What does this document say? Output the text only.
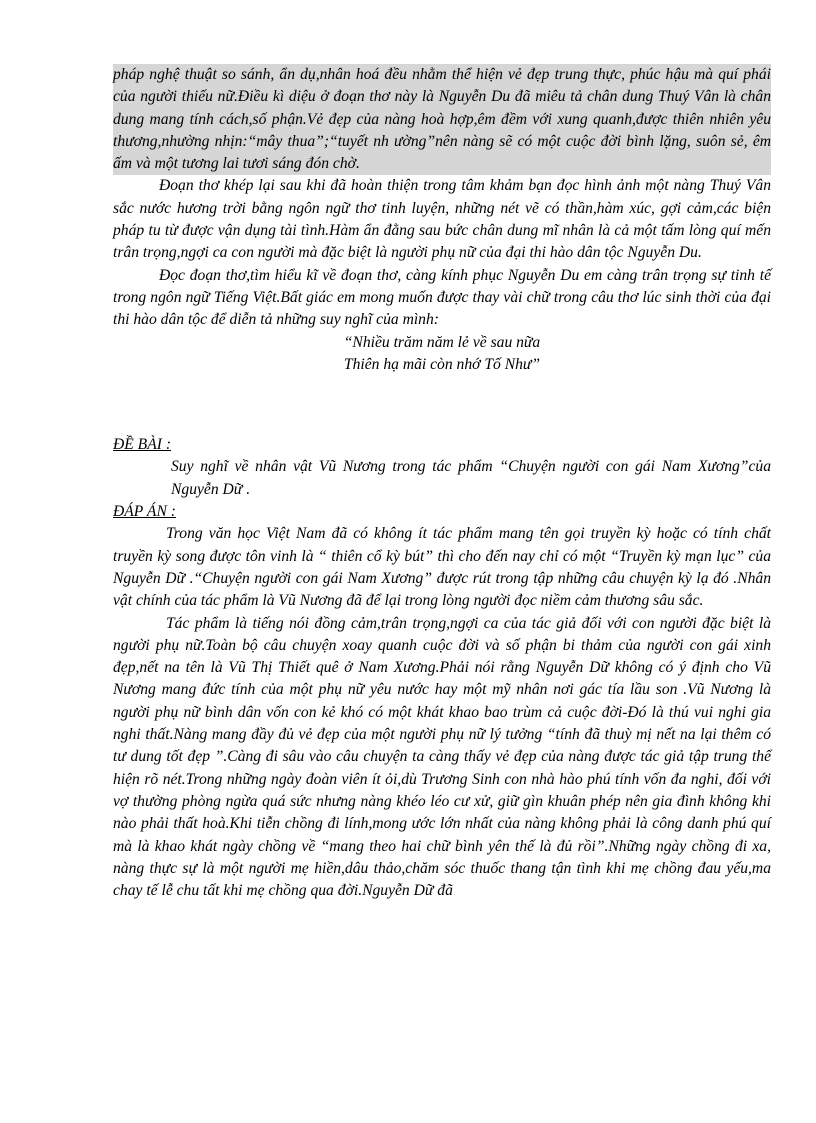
pháp nghệ thuật so sánh, ẩn dụ,nhân hoá đều nhằm thể hiện vẻ đẹp trung thực, phúc hậu mà quí phái của người thiếu nữ.Điều kì diệu ở đoạn thơ này là Nguyễn Du đã miêu tả chân dung Thuý Vân là chân dung mang tính cách,số phận.Vẻ đẹp của nàng hoà hợp,êm đềm với xung quanh,được thiên nhiên yêu thương,nhường nhịn:“mây thua”;“tuyết nh ường”nên nàng sẽ có một cuộc đời bình lặng, suôn sẻ, êm ấm và một tương lai tươi sáng đón chờ.

Đoạn thơ khép lại sau khi đã hoàn thiện trong tâm khảm bạn đọc hình ảnh một nàng Thuý Vân sắc nước hương trời bằng ngôn ngữ thơ tinh luyện, những nét vẽ có thần,hàm xúc, gợi cảm,các biện pháp tu từ được vận dụng tài tình.Hàm ẩn đằng sau bức chân dung mĩ nhân là cả một tấm lòng quí mến trân trọng,ngợi ca con người mà đặc biệt là người phụ nữ của đại thi hào dân tộc Nguyễn Du.

Đọc đoạn thơ,tìm hiểu kĩ về đoạn thơ, càng kính phục Nguyễn Du em càng trân trọng sự tinh tế trong ngôn ngữ Tiếng Việt.Bất giác em mong muốn được thay vài chữ trong câu thơ lúc sinh thời của đại thi hào dân tộc để diễn tả những suy nghĩ của mình:

“Nhiều trăm năm lẻ về sau nữa

Thiên hạ mãi còn nhớ Tố Như”

ĐỀ BÀI :

Suy nghĩ về nhân vật Vũ Nương trong tác phẩm “Chuyện người con gái Nam Xương”của Nguyễn Dữ .

ĐÁP ÁN :

Trong văn học Việt Nam đã có không ít tác phẩm mang tên gọi truyền kỳ hoặc có tính chất truyền kỳ song được tôn vinh là “ thiên cổ kỳ bút” thì cho đến nay chỉ có một “Truyền kỳ mạn lục” của Nguyễn Dữ .“Chuyện người con gái Nam Xương” được rút trong tập những câu chuyện kỳ lạ đó .Nhân vật chính của tác phẩm là Vũ Nương đã để lại trong lòng người đọc niềm cảm thương sâu sắc.

Tác phẩm là tiếng nói đồng cảm,trân trọng,ngợi ca của tác giả đối với con người đặc biệt là người phụ nữ.Toàn bộ câu chuyện xoay quanh cuộc đời và số phận bi thảm của người con gái xinh đẹp,nết na tên là Vũ Thị Thiết quê ở Nam Xương.Phải nói rằng Nguyễn Dữ không có ý định cho Vũ Nương mang đức tính của một phụ nữ yêu nước hay một mỹ nhân nơi gác tía lầu son .Vũ Nương là người phụ nữ bình dân vốn con kẻ khó có một khát khao bao trùm cả cuộc đời-Đó là thú vui nghi gia nghi thất.Nàng mang đầy đủ vẻ đẹp của một người phụ nữ lý tưởng “tính đã thuỳ mị nết na lại thêm có tư dung tốt đẹp ”.Càng đi sâu vào câu chuyện ta càng thấy vẻ đẹp của nàng được tác giả tập trung thể hiện rõ nét.Trong những ngày đoàn viên ít ỏi,dù Trương Sinh con nhà hào phú tính vốn đa nghi, đối với vợ thường phòng ngừa quá sức nhưng nàng khéo léo cư xử, giữ gìn khuân phép nên gia đình không khi nào phải thất hoà.Khi tiễn chồng đi lính,mong ước lớn nhất của nàng không phải là công danh phú quí mà là khao khát ngày chồng về “mang theo hai chữ bình yên thế là đủ rồi”.Những ngày chồng đi xa, nàng thực sự là một người mẹ hiền,dâu thảo,chăm sóc thuốc thang tận tình khi mẹ chồng đau yếu,ma chay tế lễ chu tất khi mẹ chồng qua đời.Nguyễn Dữ đã
